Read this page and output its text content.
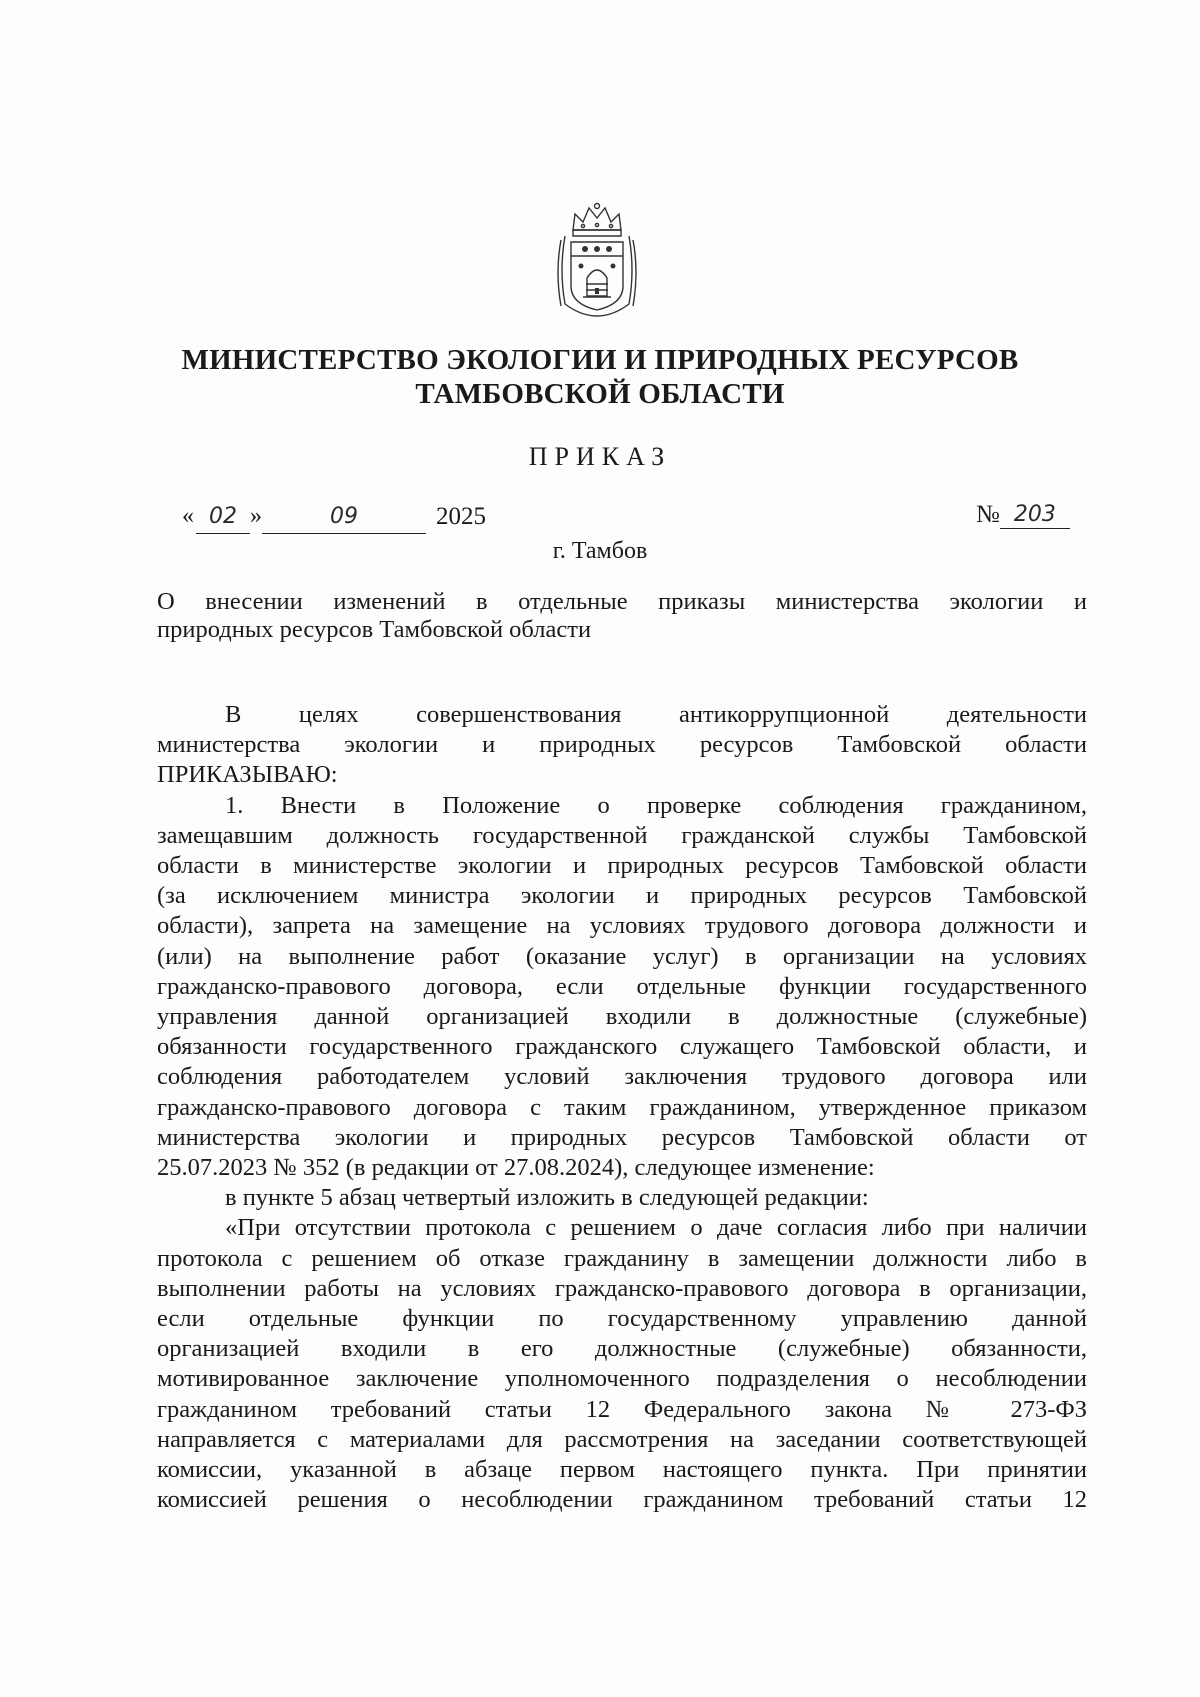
МИНИСТЕРСТВО ЭКОЛОГИИ И ПРИРОДНЫХ РЕСУРСОВ
ТАМБОВСКОЙ ОБЛАСТИ
ПРИКАЗ
« 02 »	09	2025	№ 203
г. Тамбов
О внесении изменений в отдельные приказы министерства экологии и
природных ресурсов Тамбовской области
В целях совершенствования антикоррупционной деятельности
министерства экологии и природных ресурсов Тамбовской области
ПРИКАЗЫВАЮ:
1. Внести в Положение о проверке соблюдения гражданином,
замещавшим должность государственной гражданской службы Тамбовской
области в министерстве экологии и природных ресурсов Тамбовской области
(за исключением министра экологии и природных ресурсов Тамбовской
области), запрета на замещение на условиях трудового договора должности и
(или) на выполнение работ (оказание услуг) в организации на условиях
гражданско-правового договора, если отдельные функции государственного
управления данной организацией входили в должностные (служебные)
обязанности государственного гражданского служащего Тамбовской области, и
соблюдения работодателем условий заключения трудового договора или
гражданско-правового договора с таким гражданином, утвержденное приказом
министерства экологии и природных ресурсов Тамбовской области от
25.07.2023 № 352 (в редакции от 27.08.2024), следующее изменение:
в пункте 5 абзац четвертый изложить в следующей редакции:
«При отсутствии протокола с решением о даче согласия либо при наличии
протокола с решением об отказе гражданину в замещении должности либо в
выполнении работы на условиях гражданско-правового договора в организации,
если отдельные функции по государственному управлению данной
организацией входили в его должностные (служебные) обязанности,
мотивированное заключение уполномоченного подразделения о несоблюдении
гражданином требований статьи 12 Федерального закона № 273-ФЗ
направляется с материалами для рассмотрения на заседании соответствующей
комиссии, указанной в абзаце первом настоящего пункта. При принятии
комиссией решения о несоблюдении гражданином требований статьи 12
